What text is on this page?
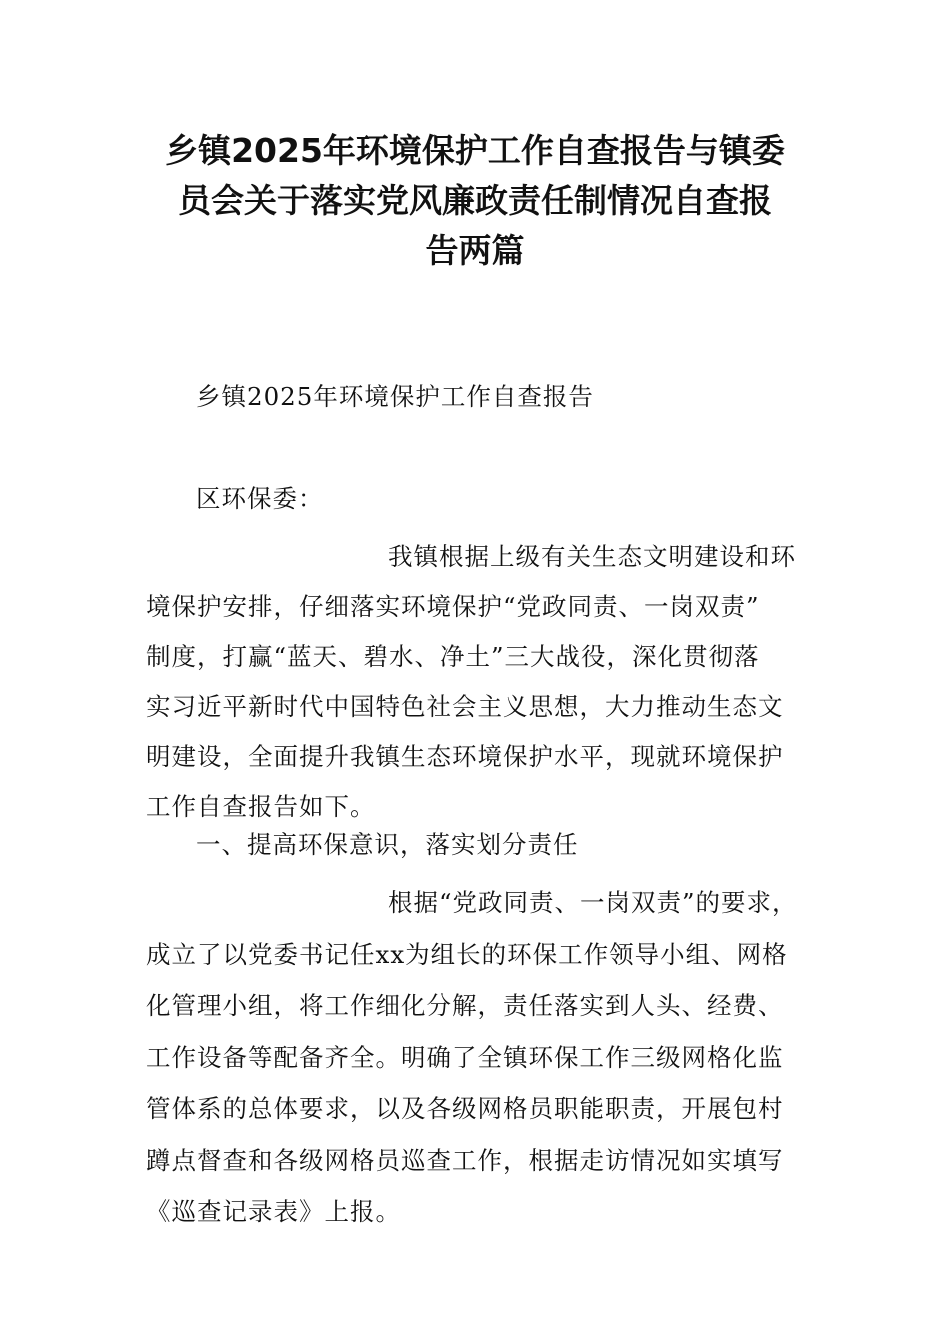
乡镇2025年环境保护工作自查报告与镇委
员会关于落实党风廉政责任制情况自查报
告两篇

乡镇2025年环境保护工作自查报告

区环保委：

我镇根据上级有关生态文明建设和环
境保护安排，仔细落实环境保护“党政同责、一岗双责”
制度，打赢“蓝天、碧水、净土”三大战役，深化贯彻落
实习近平新时代中国特色社会主义思想，大力推动生态文
明建设，全面提升我镇生态环境保护水平，现就环境保护
工作自查报告如下。

一、提高环保意识，落实划分责任

根据“党政同责、一岗双责”的要求，
成立了以党委书记任xx为组长的环保工作领导小组、网格
化管理小组，将工作细化分解，责任落实到人头、经费、
工作设备等配备齐全。明确了全镇环保工作三级网格化监
管体系的总体要求，以及各级网格员职能职责，开展包村
蹲点督查和各级网格员巡查工作，根据走访情况如实填写
《巡查记录表》上报。
